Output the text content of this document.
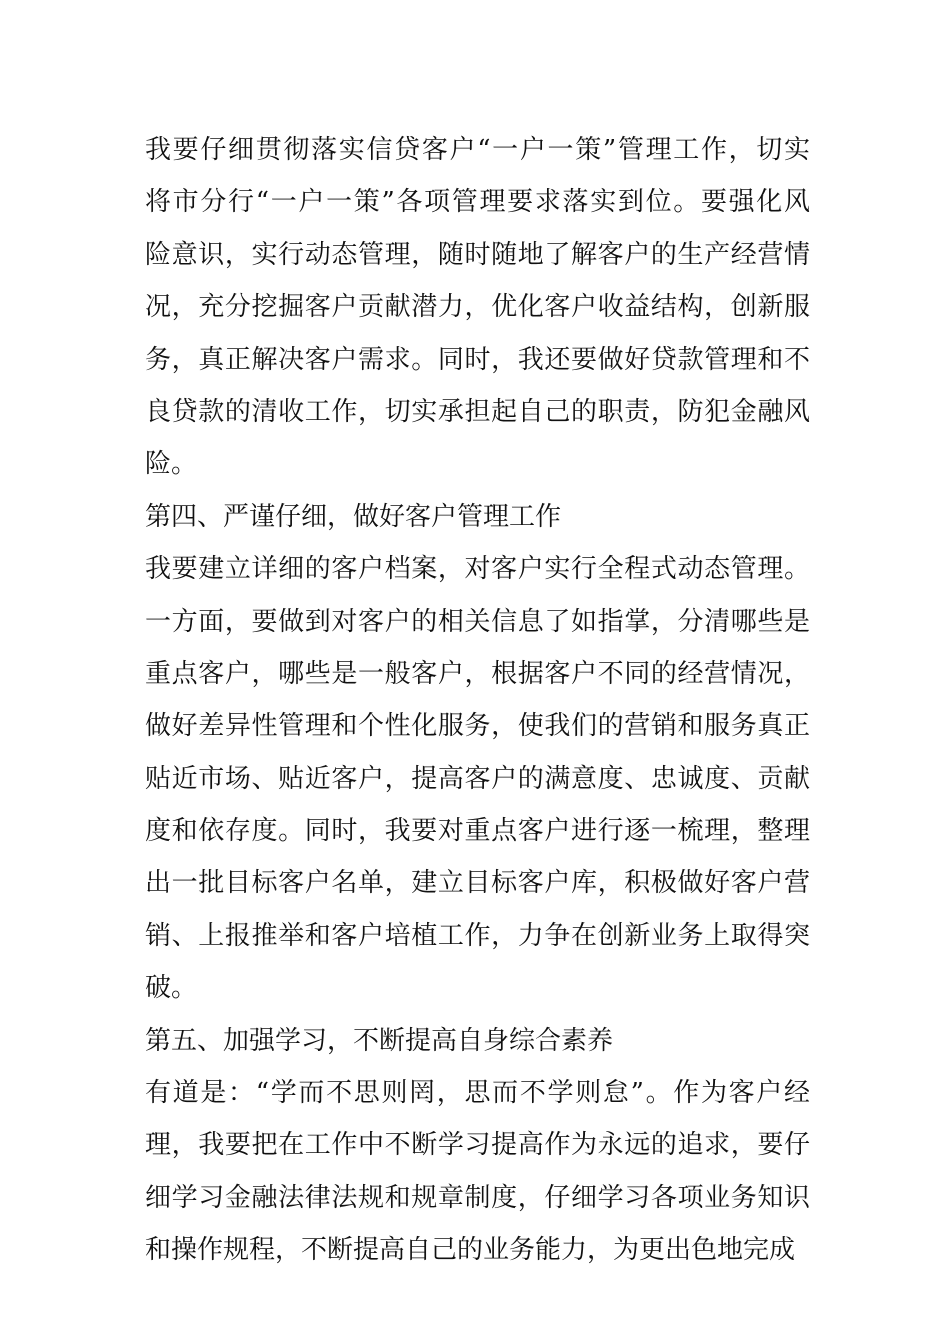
我要仔细贯彻落实信贷客户“一户一策”管理工作，切实
将市分行“一户一策”各项管理要求落实到位。要强化风
险意识，实行动态管理，随时随地了解客户的生产经营情
况，充分挖掘客户贡献潜力，优化客户收益结构，创新服
务，真正解决客户需求。同时，我还要做好贷款管理和不
良贷款的清收工作，切实承担起自己的职责，防犯金融风
险。
第四、严谨仔细，做好客户管理工作
我要建立详细的客户档案，对客户实行全程式动态管理。
一方面，要做到对客户的相关信息了如指掌，分清哪些是
重点客户，哪些是一般客户，根据客户不同的经营情况，
做好差异性管理和个性化服务，使我们的营销和服务真正
贴近市场、贴近客户，提高客户的满意度、忠诚度、贡献
度和依存度。同时，我要对重点客户进行逐一梳理，整理
出一批目标客户名单，建立目标客户库，积极做好客户营
销、上报推举和客户培植工作，力争在创新业务上取得突
破。
第五、加强学习，不断提高自身综合素养
有道是：“学而不思则罔，思而不学则怠”。作为客户经
理，我要把在工作中不断学习提高作为永远的追求，要仔
细学习金融法律法规和规章制度，仔细学习各项业务知识
和操作规程，不断提高自己的业务能力，为更出色地完成
